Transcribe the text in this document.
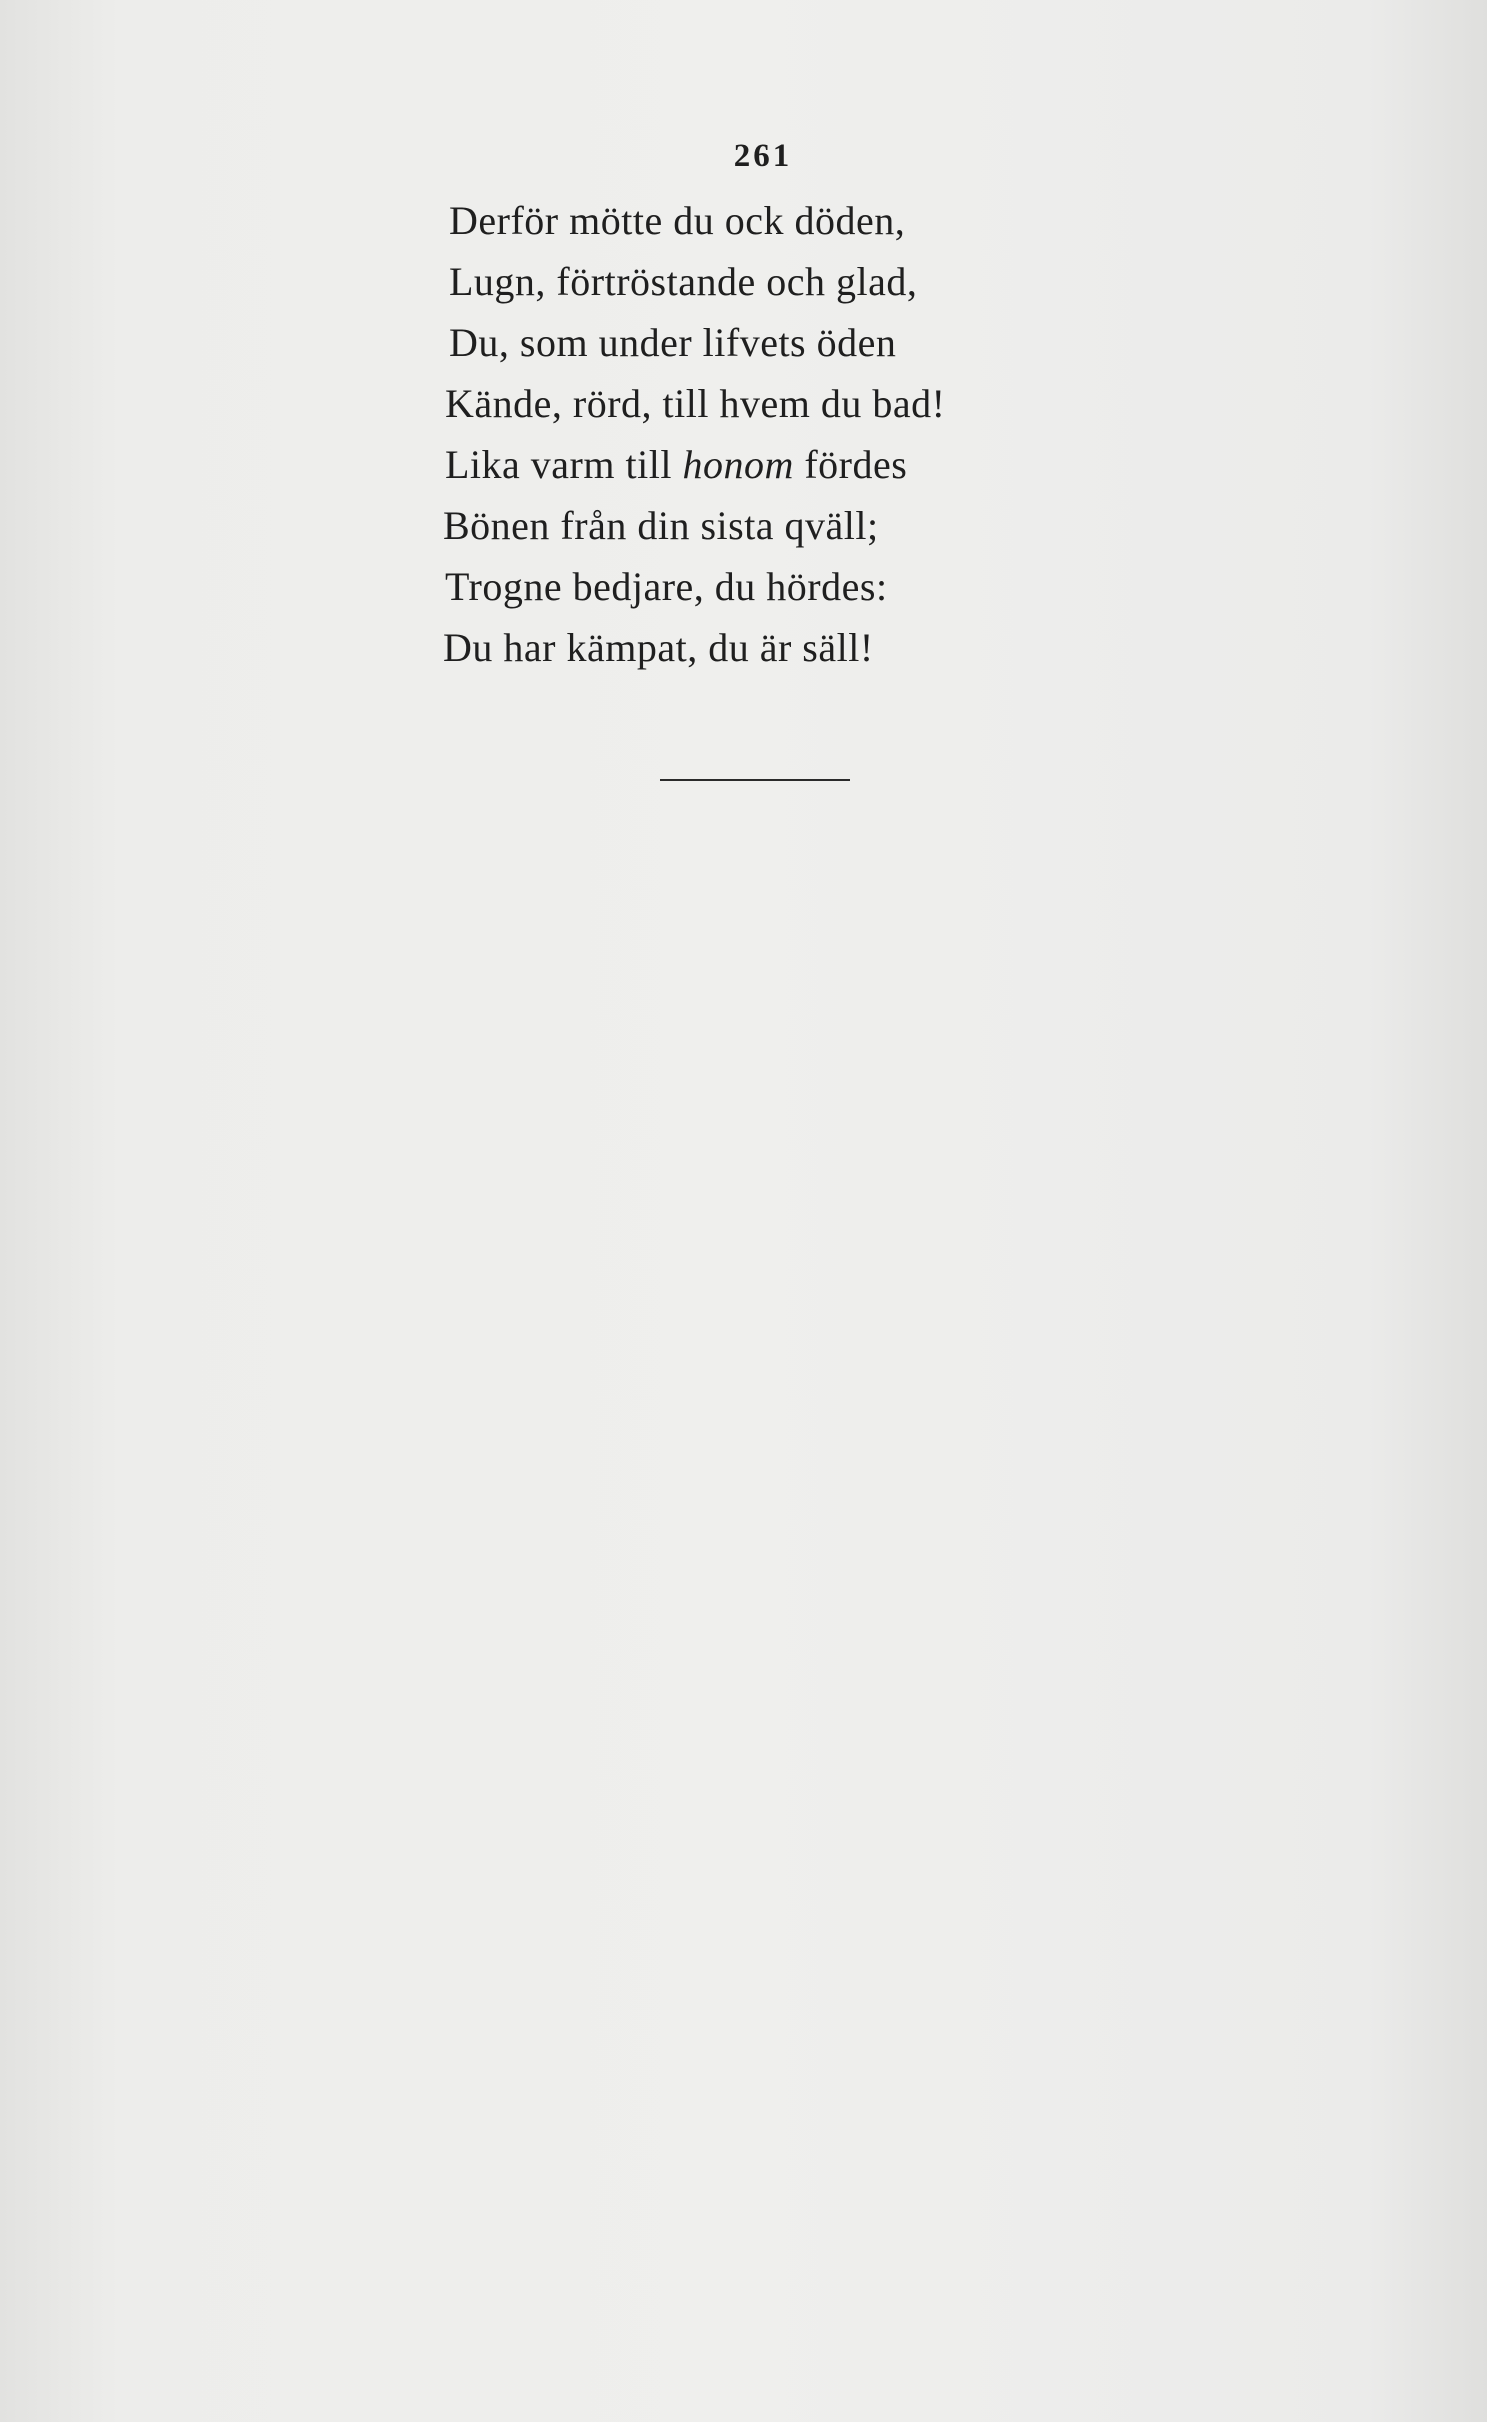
261
Derför mötte du ock döden,
Lugn, förtröstande och glad,
Du, som under lifvets öden
Kände, rörd, till hvem du bad!
Lika varm till honom fördes
Bönen från din sista qväll;
Trogne bedjare, du hördes:
Du har kämpat, du är säll!
